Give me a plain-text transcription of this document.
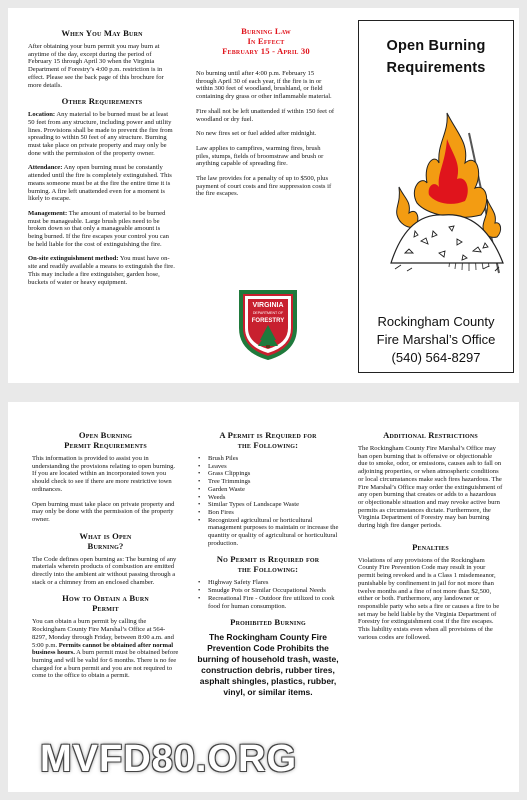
When You May Burn
After obtaining your burn permit you may burn at anytime of the day, except during the period of February 15 through April 30 when the Virginia Department of Forestry’s 4:00 p.m. restriction is in effect. Please see the back page of this brochure for more details.
Other Requirements
Location: Any material to be burned must be at least 50 feet from any structure, including power and utility lines. Provisions shall be made to prevent the fire from spreading to within 50 feet of any structure. Burning must take place on private property and may only be done with the permission of the property owner.
Attendance: Any open burning must be constantly attended until the fire is completely extinguished. This means someone must be at the fire the entire time it is burning. A fire left unattended even for a moment is likely to escape.
Management: The amount of material to be burned must be manageable. Large brush piles need to be broken down so that only a manageable amount is being burned. If the fire escapes your control you can be held liable for the cost of extinguishing the fire.
On-site extinguishment method: You must have on-site and readily available a means to extinguish the fire. This may include a fire extinguisher, garden hose, buckets of water or heavy equipment.
Burning Law
In Effect
February 15 - April 30
No burning until after 4:00 p.m. February 15 through April 30 of each year, if the fire is in or within 300 feet of woodland, brushland, or field containing dry grass or other inflammable material.
Fire shall not be left unattended if within 150 feet of woodland or dry fuel.
No new fires set or fuel added after midnight.
Law applies to campfires, warming fires, brush piles, stumps, fields of broomstraw and brush or anything capable of spreading fire.
The law provides for a penalty of up to $500, plus payment of court costs and fire suppression costs if the fire escapes.
VIRGINIA
DEPARTMENT OF
FORESTRY
Open Burning
Requirements
Rockingham County
Fire Marshal’s Office
(540) 564-8297
Open Burning
Permit Requirements
This information is provided to assist you in understanding the provisions relating to open burning. If you are located within an incorporated town you should check to see if there are more restrictive town ordinances.
Open burning must take place on private property and may only be done with the permission of the property owner.
What is Open
Burning?
The Code defines open burning as: The burning of any materials wherein products of combustion are emitted directly into the ambient air without passing through a stack or a chimney from an enclosed chamber.
How to Obtain a Burn
Permit
You can obtain a burn permit by calling the Rockingham County Fire Marshal’s Office at 564-8297, Monday through Friday, between 8:00 a.m. and 5:00 p.m. Permits cannot be obtained after normal business hours. A burn permit must be obtained before burning and will be valid for 6 months. There is no fee charged for a burn permit and you are not required to come to the office to obtain a permit.
A Permit is Required for
the Following:
• Brush Piles
• Leaves
• Grass Clippings
• Tree Trimmings
• Garden Waste
• Weeds
• Similar Types of Landscape Waste
• Bon Fires
• Recognized agricultural or horticultural management purposes to maintain or increase the quantity or quality of agricultural or horticultural production.
No Permit is Required for
the Following:
• Highway Safety Flares
• Smudge Pots or Similar Occupational Needs
• Recreational Fire - Outdoor fire utilized to cook food for human consumption.
Prohibited Burning
The Rockingham County Fire Prevention Code Prohibits the burning of household trash, waste, construction debris, rubber tires, asphalt shingles, plastics, rubber, vinyl, or similar items.
Additional Restrictions
The Rockingham County Fire Marshal’s Office may ban open burning that is offensive or objectionable due to smoke, odor, or emissions, causes ash to fall on adjoining properties, or when atmospheric conditions or local circumstances make such fires hazardous. The Fire Marshal’s Office may order the extinguishment of any open burning that creates or adds to a hazardous or objectionable situation and may revoke active burn permits as circumstances dictate. Furthermore, the Virginia Department of Forestry may ban burning during high fire danger periods.
Penalties
Violations of any provisions of the Rockingham County Fire Prevention Code may result in your permit being revoked and is a Class 1 misdemeanor, punishable by confinement in jail for not more than twelve months and a fine of not more than $2,500, either or both. Furthermore, any landowner or responsible party who sets a fire or causes a fire to be set may be held liable by the Virginia Department of Forestry for extinguishment cost if the fire escapes. This liability exists even when all provisions of the various codes are followed.
MVFD80.ORG
